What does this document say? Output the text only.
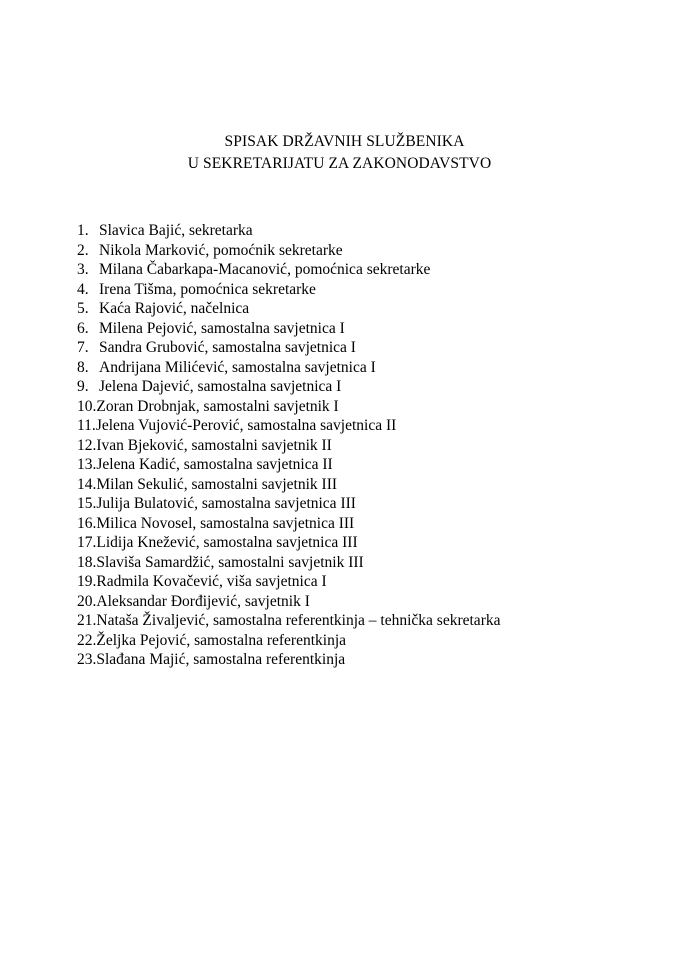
SPISAK DRŽAVNIH SLUŽBENIKA
U SEKRETARIJATU ZA ZAKONODAVSTVO
1. Slavica Bajić, sekretarka
2. Nikola Marković, pomoćnik sekretarke
3. Milana Čabarkapa-Macanović, pomoćnica sekretarke
4. Irena Tišma, pomoćnica sekretarke
5. Kaća Rajović, načelnica
6. Milena Pejović, samostalna savjetnica I
7. Sandra Grubović, samostalna savjetnica I
8. Andrijana Milićević, samostalna savjetnica I
9. Jelena Dajević, samostalna savjetnica I
10.Zoran Drobnjak, samostalni savjetnik I
11.Jelena Vujović-Perović, samostalna savjetnica II
12.Ivan Bjeković, samostalni savjetnik II
13.Jelena Kadić, samostalna savjetnica II
14.Milan Sekulić, samostalni savjetnik III
15.Julija Bulatović, samostalna savjetnica III
16.Milica Novosel, samostalna savjetnica III
17.Lidija Knežević, samostalna savjetnica III
18.Slaviša Samardžić, samostalni savjetnik III
19.Radmila Kovačević, viša savjetnica I
20.Aleksandar Đorđijević, savjetnik I
21.Nataša Živaljević, samostalna referentkinja – tehnička sekretarka
22.Željka Pejović, samostalna referentkinja
23.Slađana Majić, samostalna referentkinja
